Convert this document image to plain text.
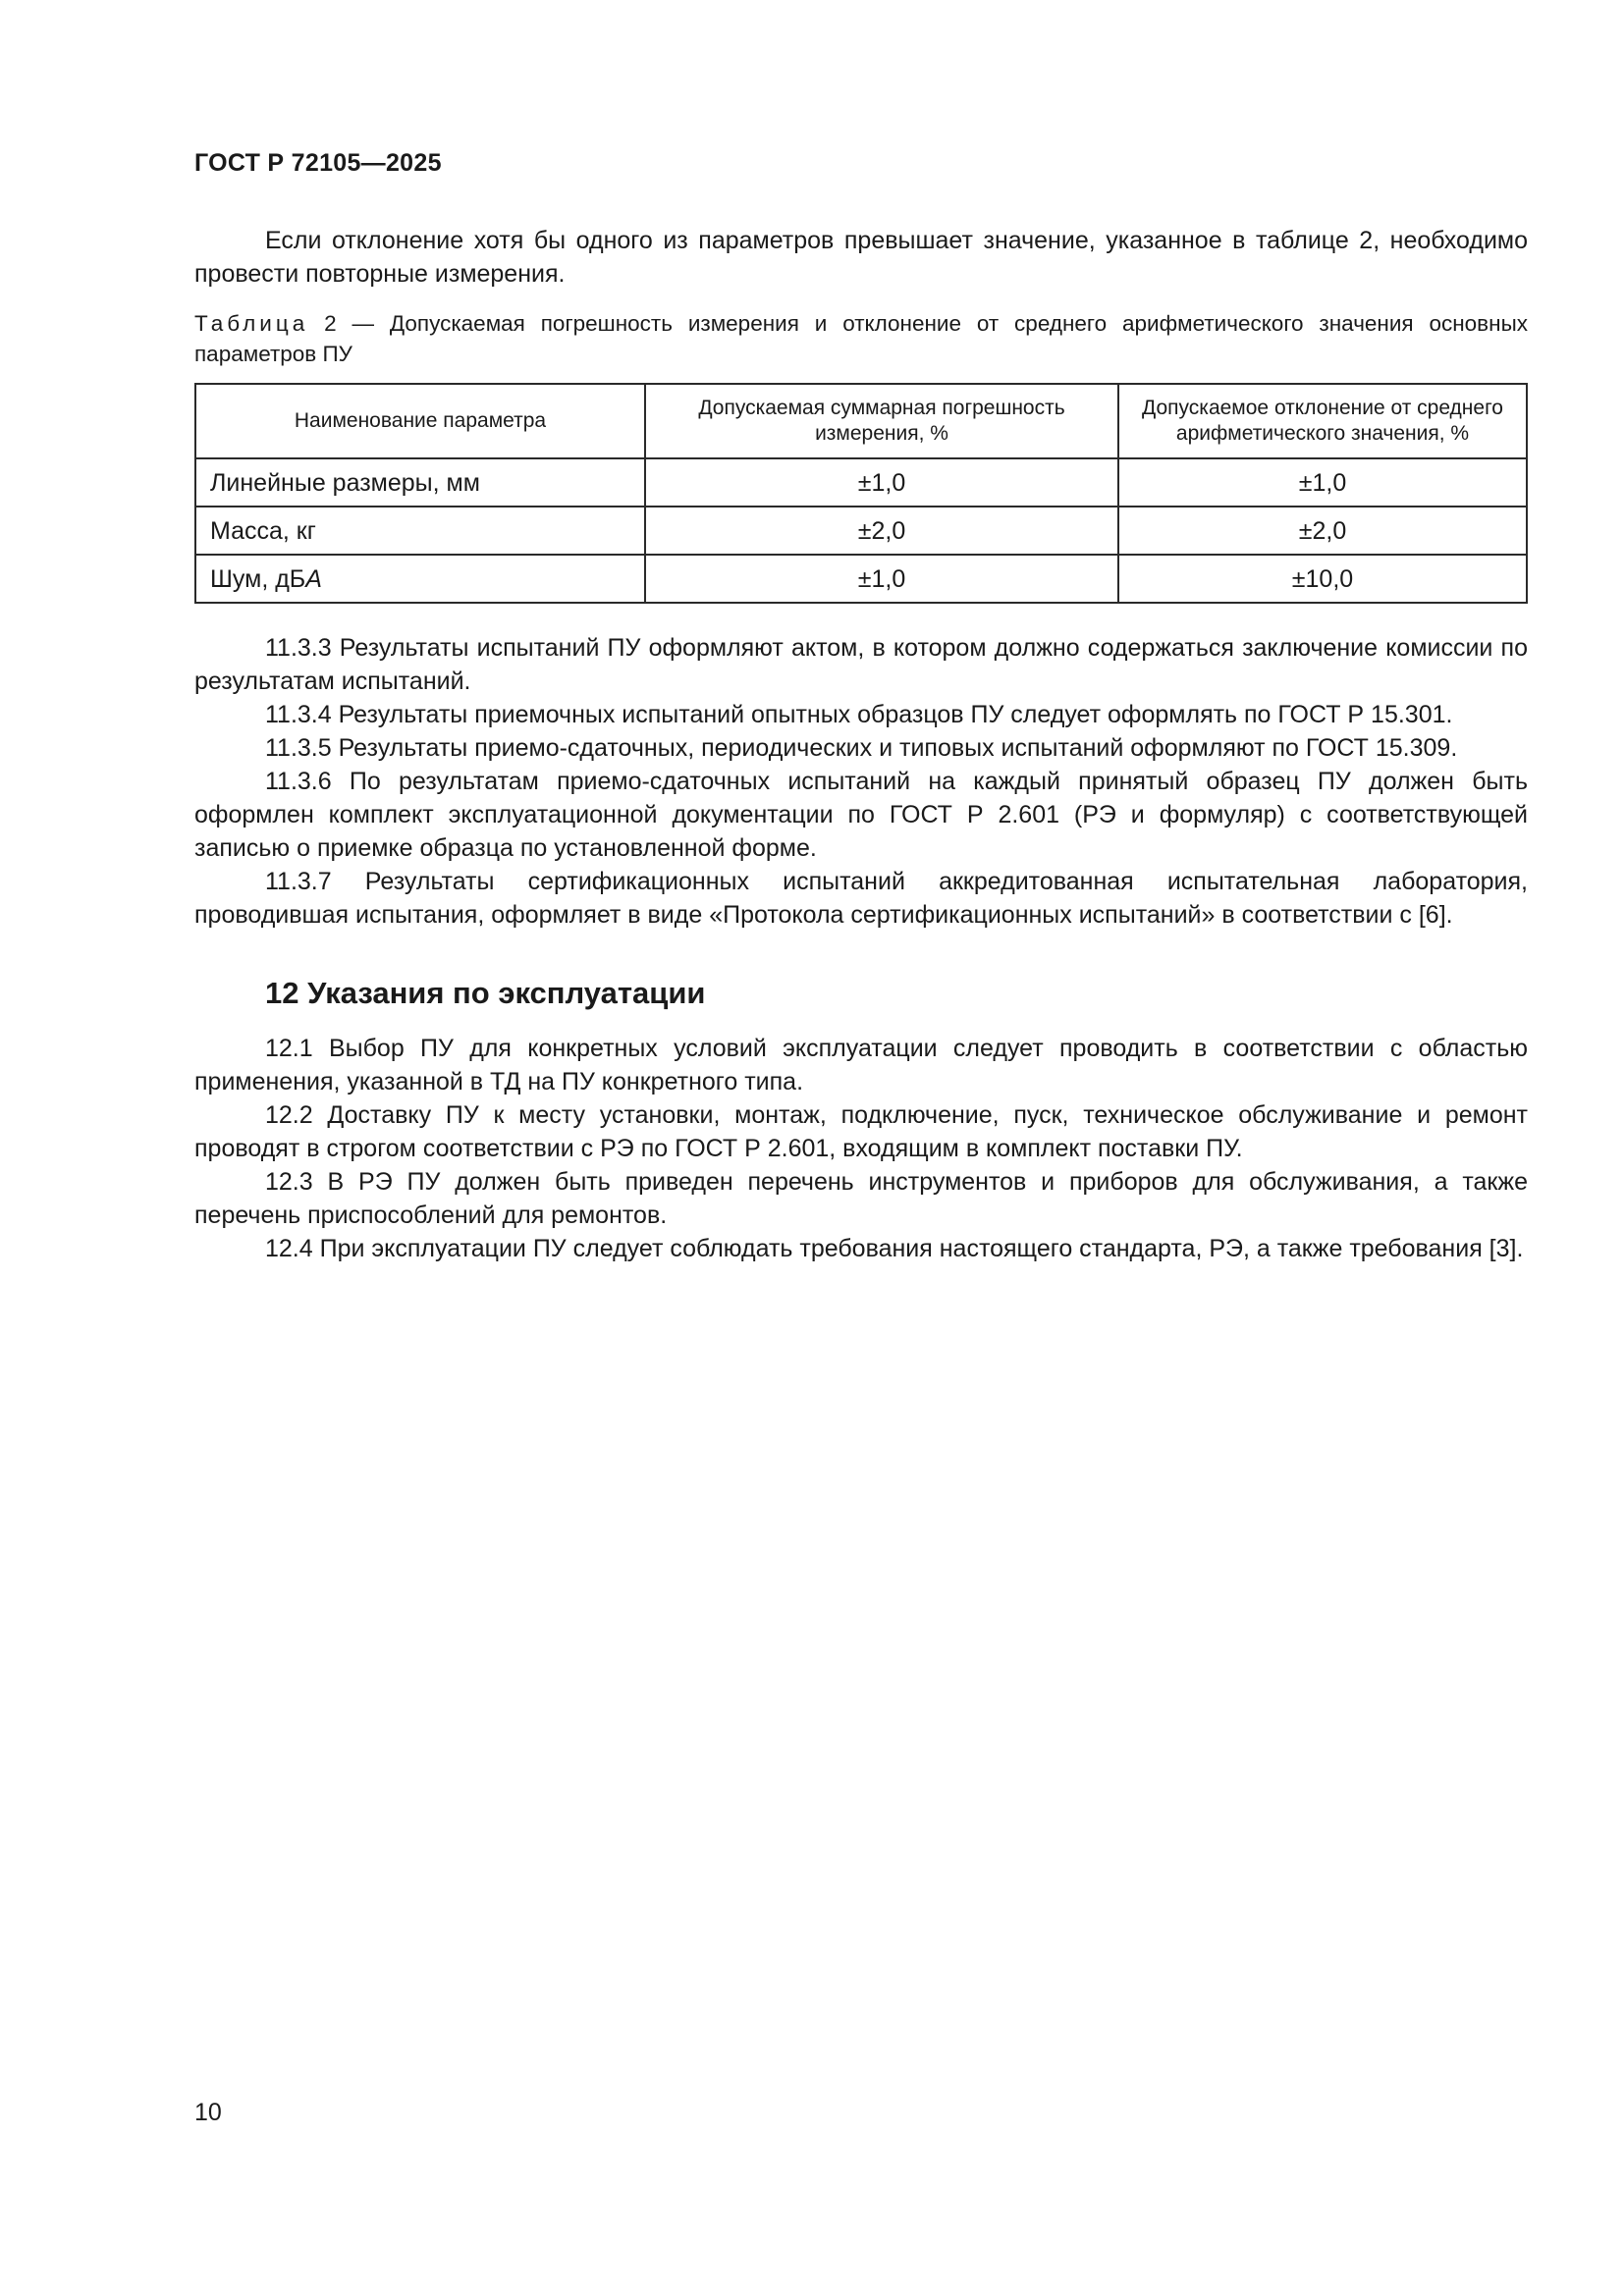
ГОСТ Р 72105—2025

Если отклонение хотя бы одного из параметров превышает значение, указанное в таблице 2, необходимо провести повторные измерения.

Таблица 2 — Допускаемая погрешность измерения и отклонение от среднего арифметического значения основных параметров ПУ

Наименование параметра	Допускаемая суммарная погрешность измерения, %	Допускаемое отклонение от среднего арифметического значения, %
Линейные размеры, мм	±1,0	±1,0
Масса, кг	±2,0	±2,0
Шум, дБА	±1,0	±10,0

11.3.3 Результаты испытаний ПУ оформляют актом, в котором должно содержаться заключение комиссии по результатам испытаний.

11.3.4 Результаты приемочных испытаний опытных образцов ПУ следует оформлять по ГОСТ Р 15.301.

11.3.5 Результаты приемо-сдаточных, периодических и типовых испытаний оформляют по ГОСТ 15.309.

11.3.6 По результатам приемо-сдаточных испытаний на каждый принятый образец ПУ должен быть оформлен комплект эксплуатационной документации по ГОСТ Р 2.601 (РЭ и формуляр) с соответствующей записью о приемке образца по установленной форме.

11.3.7 Результаты сертификационных испытаний аккредитованная испытательная лаборатория, проводившая испытания, оформляет в виде «Протокола сертификационных испытаний» в соответствии с [6].

12 Указания по эксплуатации

12.1 Выбор ПУ для конкретных условий эксплуатации следует проводить в соответствии с областью применения, указанной в ТД на ПУ конкретного типа.

12.2 Доставку ПУ к месту установки, монтаж, подключение, пуск, техническое обслуживание и ремонт проводят в строгом соответствии с РЭ по ГОСТ Р 2.601, входящим в комплект поставки ПУ.

12.3 В РЭ ПУ должен быть приведен перечень инструментов и приборов для обслуживания, а также перечень приспособлений для ремонтов.

12.4 При эксплуатации ПУ следует соблюдать требования настоящего стандарта, РЭ, а также требования [3].

10
